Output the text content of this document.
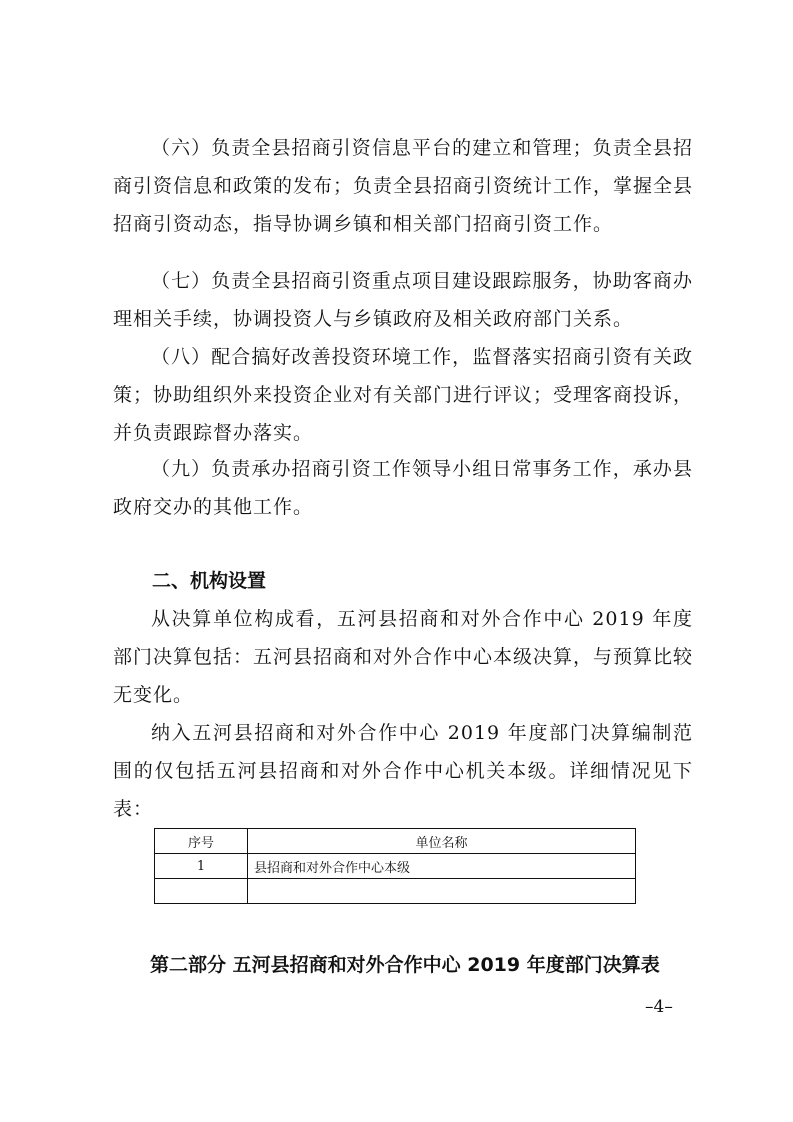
（六）负责全县招商引资信息平台的建立和管理；负责全县招商引资信息和政策的发布；负责全县招商引资统计工作，掌握全县招商引资动态，指导协调乡镇和相关部门招商引资工作。

（七）负责全县招商引资重点项目建设跟踪服务，协助客商办理相关手续，协调投资人与乡镇政府及相关政府部门关系。

（八）配合搞好改善投资环境工作，监督落实招商引资有关政策；协助组织外来投资企业对有关部门进行评议；受理客商投诉，并负责跟踪督办落实。

（九）负责承办招商引资工作领导小组日常事务工作，承办县政府交办的其他工作。

二、机构设置

从决算单位构成看，五河县招商和对外合作中心 2019 年度部门决算包括：五河县招商和对外合作中心本级决算，与预算比较无变化。

纳入五河县招商和对外合作中心 2019 年度部门决算编制范围的仅包括五河县招商和对外合作中心机关本级。详细情况见下表：

序号	单位名称
1	县招商和对外合作中心本级

第二部分 五河县招商和对外合作中心 2019 年度部门决算表
–4–
